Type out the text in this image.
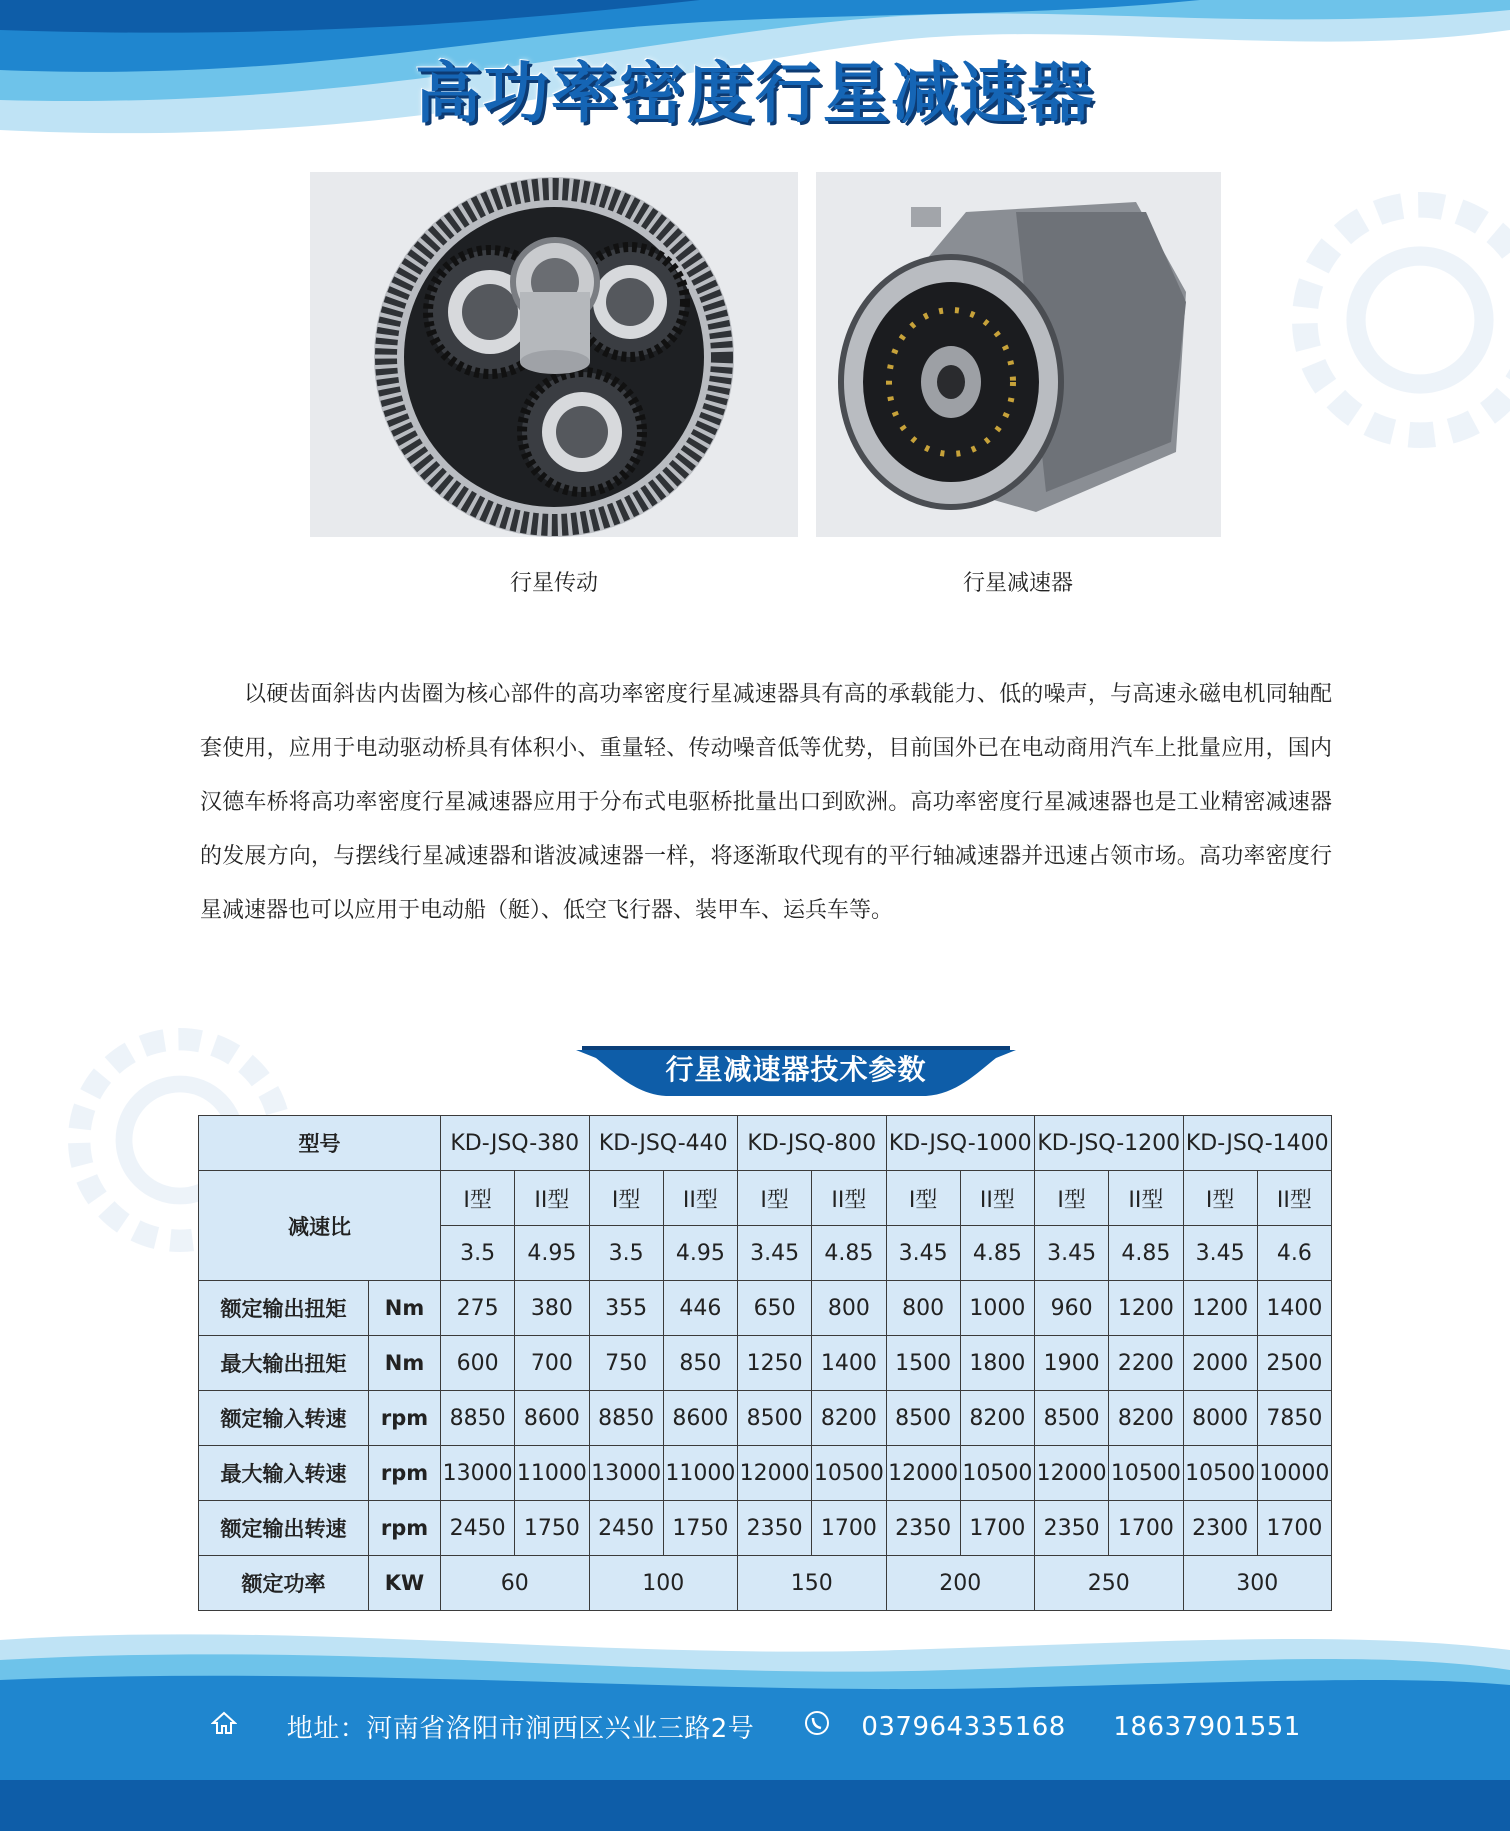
高功率密度行星减速器
行星传动	行星减速器

以硬齿面斜齿内齿圈为核心部件的高功率密度行星减速器具有高的承载能力、低的噪声，与高速永磁电机同轴配套使用，应用于电动驱动桥具有体积小、重量轻、传动噪音低等优势，目前国外已在电动商用汽车上批量应用，国内汉德车桥将高功率密度行星减速器应用于分布式电驱桥批量出口到欧洲。高功率密度行星减速器也是工业精密减速器的发展方向，与摆线行星减速器和谐波减速器一样，将逐渐取代现有的平行轴减速器并迅速占领市场。高功率密度行星减速器也可以应用于电动船（艇）、低空飞行器、装甲车、运兵车等。

行星减速器技术参数
型号		KD-JSQ-380		KD-JSQ-440		KD-JSQ-800		KD-JSQ-1000		KD-JSQ-1200		KD-JSQ-1400	
减速比		I型	II型	I型	II型	I型	II型	I型	II型	I型	II型	I型	II型
		3.5	4.95	3.5	4.95	3.45	4.85	3.45	4.85	3.45	4.85	3.45	4.6
额定输出扭矩	Nm	275	380	355	446	650	800	800	1000	960	1200	1200	1400
最大输出扭矩	Nm	600	700	750	850	1250	1400	1500	1800	1900	2200	2000	2500
额定输入转速	rpm	8850	8600	8850	8600	8500	8200	8500	8200	8500	8200	8000	7850
最大输入转速	rpm	13000	11000	13000	11000	12000	10500	12000	10500	12000	10500	10500	10000
额定输出转速	rpm	2450	1750	2450	1750	2350	1700	2350	1700	2350	1700	2300	1700
额定功率	KW	60		100		150		200		250		300	
地址：河南省洛阳市涧西区兴业三路2号	037964335168 18637901551
